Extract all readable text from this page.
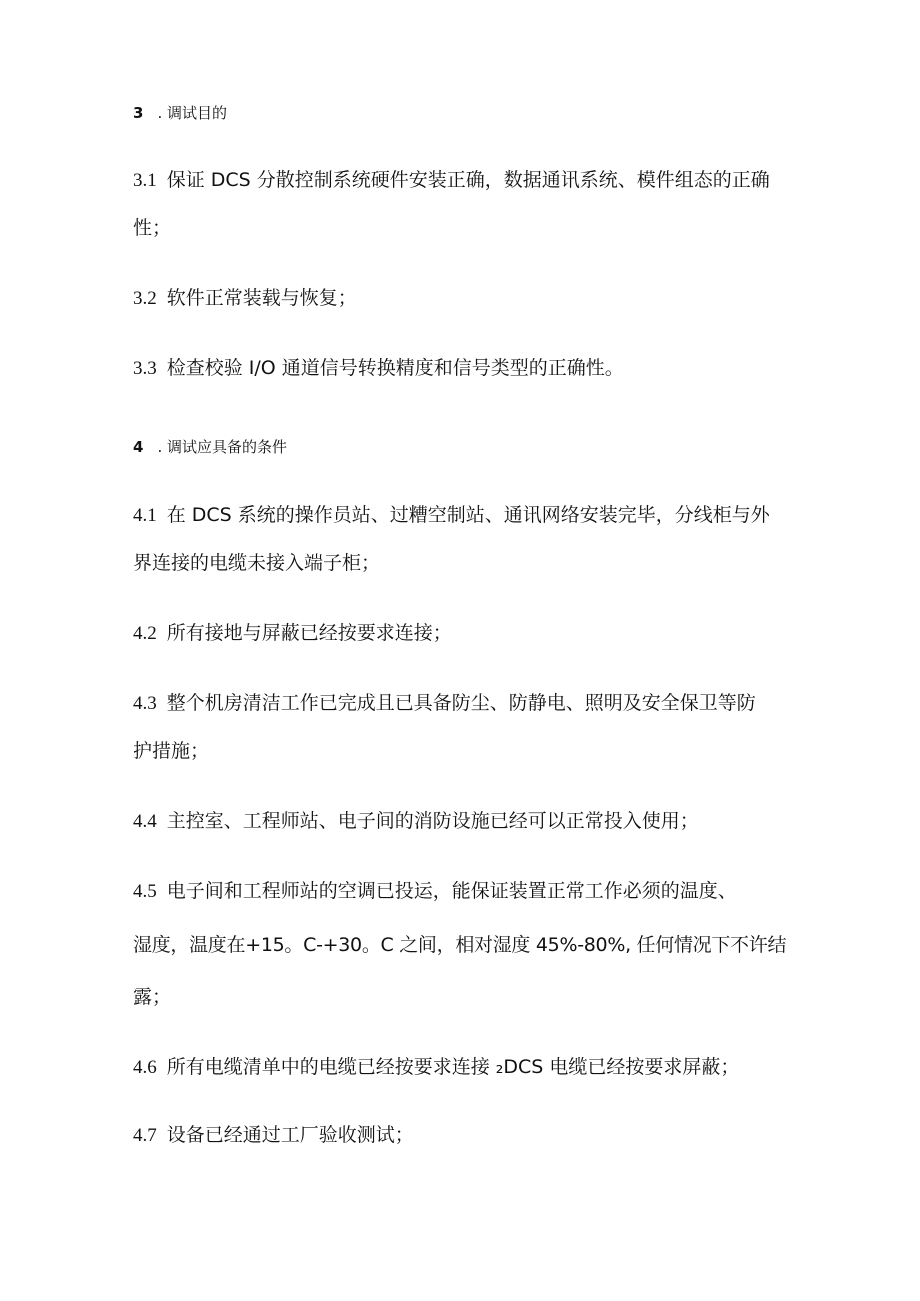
3 . 调试目的
3.1 保证 DCS 分散控制系统硬件安装正确，数据通讯系统、模件组态的正确
性；
3.2 软件正常装载与恢复；
3.3 检查校验 I/O 通道信号转换精度和信号类型的正确性。
4 . 调试应具备的条件
4.1 在 DCS 系统的操作员站、过糟空制站、通讯网络安装完毕，分线柜与外
界连接的电缆未接入端子柜；
4.2 所有接地与屏蔽已经按要求连接；
4.3 整个机房清洁工作已完成且已具备防尘、防静电、照明及安全保卫等防
护措施；
4.4 主控室、工程师站、电子间的消防设施已经可以正常投入使用；
4.5 电子间和工程师站的空调已投运，能保证装置正常工作必须的温度、
湿度，温度在+15。C-+30。C 之间，相对湿度 45%-80%, 任何情况下不许结
露；
4.6 所有电缆清单中的电缆已经按要求连接 ₂DCS 电缆已经按要求屏蔽；
4.7 设备已经通过工厂验收测试；
